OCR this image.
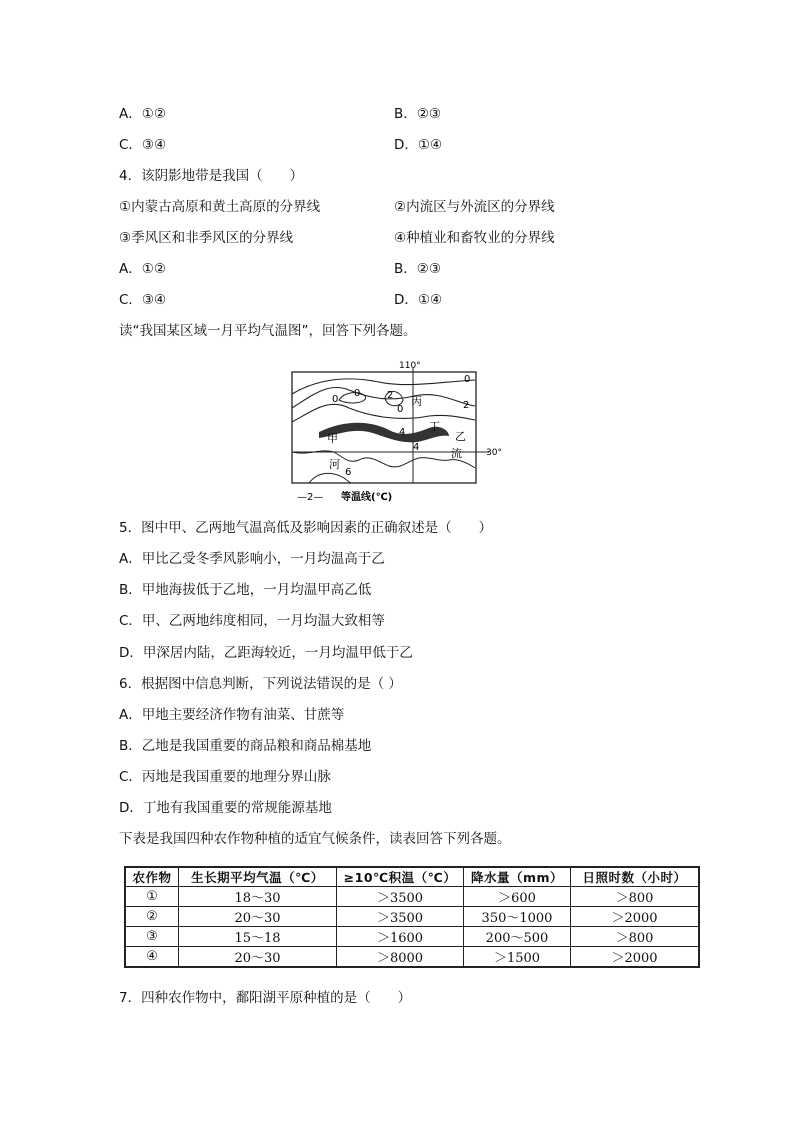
A．①②	B．②③
C．③④	D．①④
4．该阴影地带是我国（　　）
①内蒙古高原和黄土高原的分界线	②内流区与外流区的分界线
③季风区和非季风区的分界线	④种植业和畜牧业的分界线
A．①②	B．②③
C．③④	D．①④
读“我国某区域一月平均气温图”，回答下列各题。
110°
30°
甲	乙
丙
丁
河
流
0
0	2
0	2
4
4
6
0
—2— 等温线(℃)
5．图中甲、乙两地气温高低及影响因素的正确叙述是（　　）
A．甲比乙受冬季风影响小，一月均温高于乙
B．甲地海拔低于乙地，一月均温甲高乙低
C．甲、乙两地纬度相同，一月均温大致相等
D．甲深居内陆，乙距海较近，一月均温甲低于乙
6．根据图中信息判断，下列说法错误的是（ ）
A．甲地主要经济作物有油菜、甘蔗等
B．乙地是我国重要的商品粮和商品棉基地
C．丙地是我国重要的地理分界山脉
D．丁地有我国重要的常规能源基地
下表是我国四种农作物种植的适宜气候条件，读表回答下列各题。
农作物	生长期平均气温（℃）	≥10℃积温（℃）	降水量（mm）	日照时数（小时）
①	18～30	＞3500	＞600	＞800
②	20～30	＞3500	350～1000	＞2000
③	15～18	＞1600	200～500	＞800
④	20～30	＞8000	＞1500	＞2000
7．四种农作物中，鄱阳湖平原种植的是（　　）
